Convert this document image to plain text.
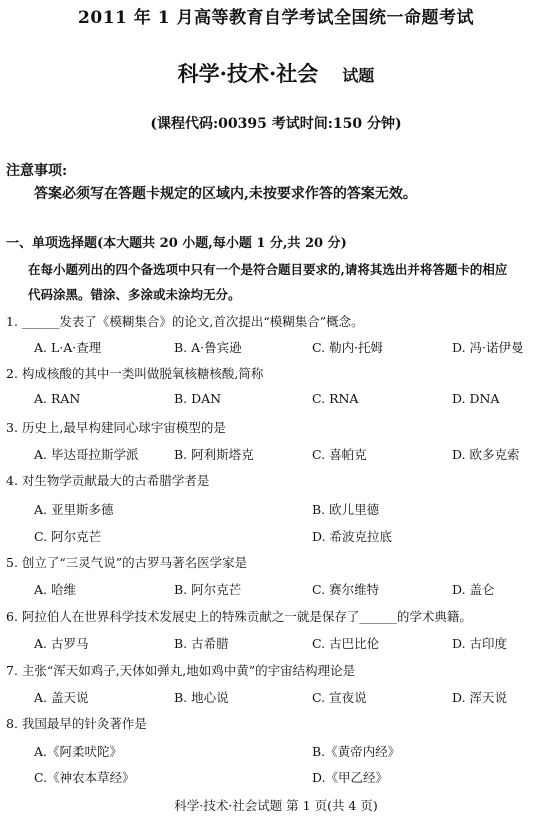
2011 年 1 月高等教育自学考试全国统一命题考试
科学·技术·社会 试题
(课程代码:00395 考试时间:150 分钟)
注意事项:
答案必须写在答题卡规定的区域内,未按要求作答的答案无效。
一、单项选择题(本大题共 20 小题,每小题 1 分,共 20 分)
在每小题列出的四个备选项中只有一个是符合题目要求的,请将其选出并将答题卡的相应
代码涂黑。错涂、多涂或未涂均无分。
1. ______发表了《模糊集合》的论文,首次提出“模糊集合”概念。
A. L·A·查理	B. A·鲁宾逊	C. 勒内·托姆	D. 冯·诺伊曼
2. 构成核酸的其中一类叫做脱氧核糖核酸,简称
A. RAN	B. DAN	C. RNA	D. DNA
3. 历史上,最早构建同心球宇宙模型的是
A. 毕达哥拉斯学派	B. 阿利斯塔克	C. 喜帕克	D. 欧多克索
4. 对生物学贡献最大的古希腊学者是
A. 亚里斯多德	B. 欧儿里德
C. 阿尔克芒	D. 希波克拉底
5. 创立了“三灵气说”的古罗马著名医学家是
A. 哈维	B. 阿尔克芒	C. 赛尔维特	D. 盖仑
6. 阿拉伯人在世界科学技术发展史上的特殊贡献之一就是保存了______的学术典籍。
A. 古罗马	B. 古希腊	C. 古巴比伦	D. 古印度
7. 主张“浑天如鸡子,天体如弹丸,地如鸡中黄”的宇宙结构理论是
A. 盖天说	B. 地心说	C. 宣夜说	D. 浑天说
8. 我国最早的针灸著作是
A.《阿柔吠陀》	B.《黄帝内经》
C.《神农本草经》	D.《甲乙经》
科学·技术·社会试题 第 1 页(共 4 页)
